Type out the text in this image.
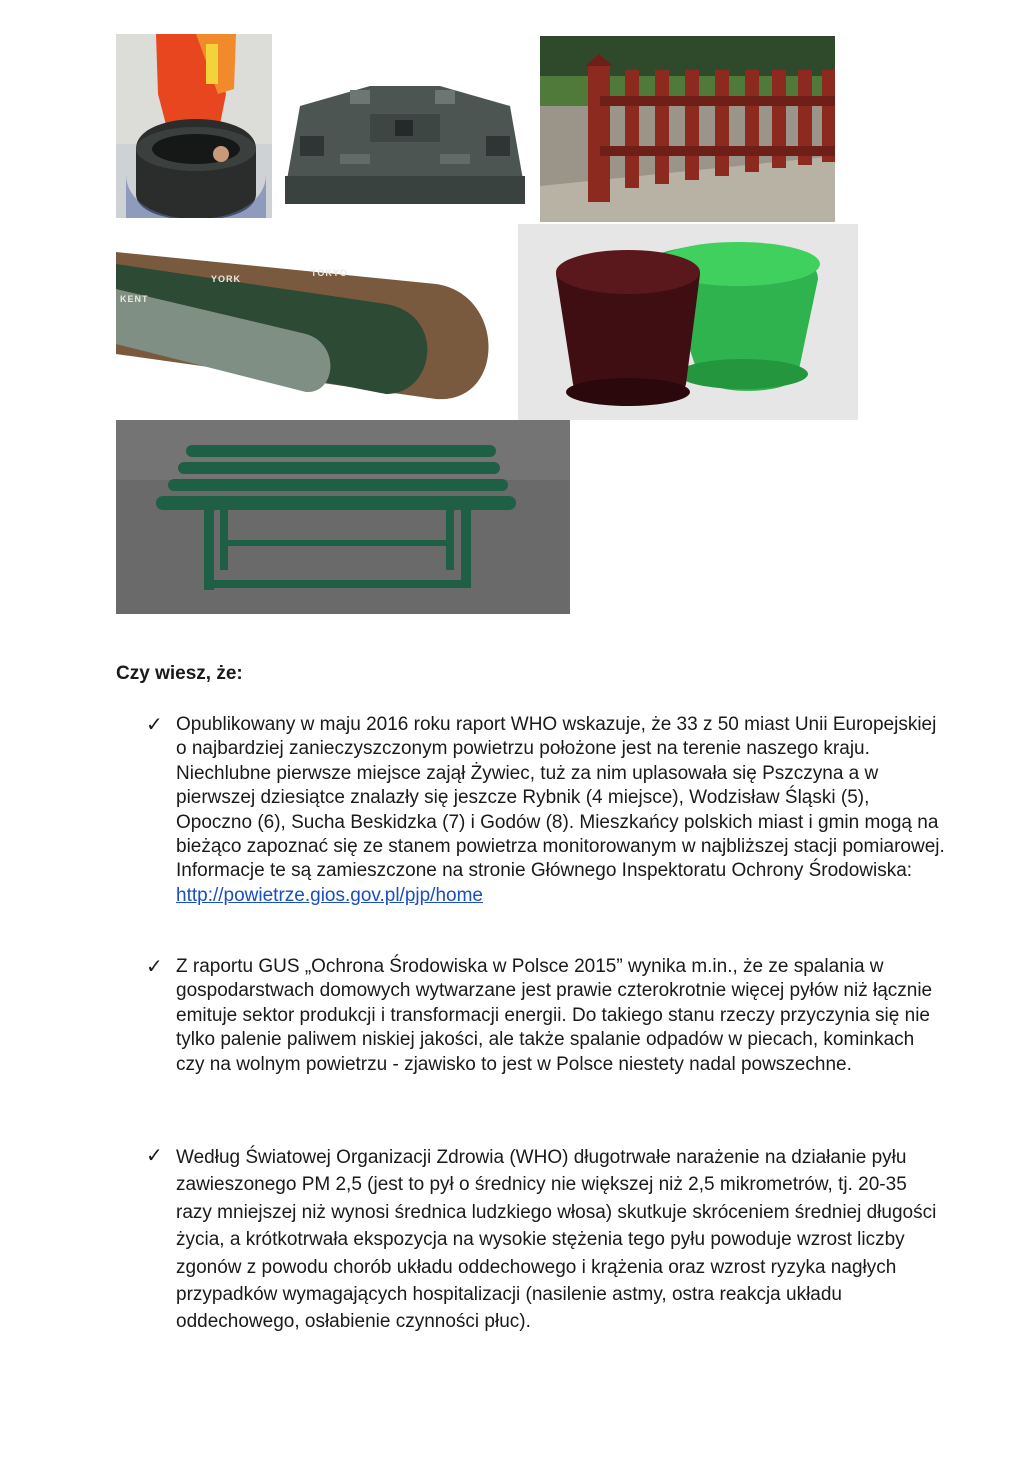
YORK
TOKYO
KENT
Czy wiesz, że:
✓ Opublikowany w maju 2016 roku raport WHO wskazuje, że 33 z 50 miast Unii Europejskiej o najbardziej zanieczyszczonym powietrzu położone jest na terenie naszego kraju. Niechlubne pierwsze miejsce zajął Żywiec, tuż za nim uplasowała się Pszczyna a w pierwszej dziesiątce znalazły się jeszcze Rybnik (4 miejsce), Wodzisław Śląski (5), Opoczno (6), Sucha Beskidzka (7) i Godów (8). Mieszkańcy polskich miast i gmin mogą na bieżąco zapoznać się ze stanem powietrza monitorowanym w najbliższej stacji pomiarowej. Informacje te są zamieszczone na stronie Głównego Inspektoratu Ochrony Środowiska:
http://powietrze.gios.gov.pl/pjp/home

✓ Z raportu GUS „Ochrona Środowiska w Polsce 2015” wynika m.in., że ze spalania w gospodarstwach domowych wytwarzane jest prawie czterokrotnie więcej pyłów niż łącznie emituje sektor produkcji i transformacji energii. Do takiego stanu rzeczy przyczynia się nie tylko palenie paliwem niskiej jakości, ale także spalanie odpadów w piecach, kominkach czy na wolnym powietrzu - zjawisko to jest w Polsce niestety nadal powszechne.

✓ Według Światowej Organizacji Zdrowia (WHO) długotrwałe narażenie na działanie pyłu zawieszonego PM 2,5 (jest to pył o średnicy nie większej niż 2,5 mikrometrów, tj. 20-35 razy mniejszej niż wynosi średnica ludzkiego włosa) skutkuje skróceniem średniej długości życia, a krótkotrwała ekspozycja na wysokie stężenia tego pyłu powoduje wzrost liczby zgonów z powodu chorób układu oddechowego i krążenia oraz wzrost ryzyka nagłych przypadków wymagających hospitalizacji (nasilenie astmy, ostra reakcja układu oddechowego, osłabienie czynności płuc).
